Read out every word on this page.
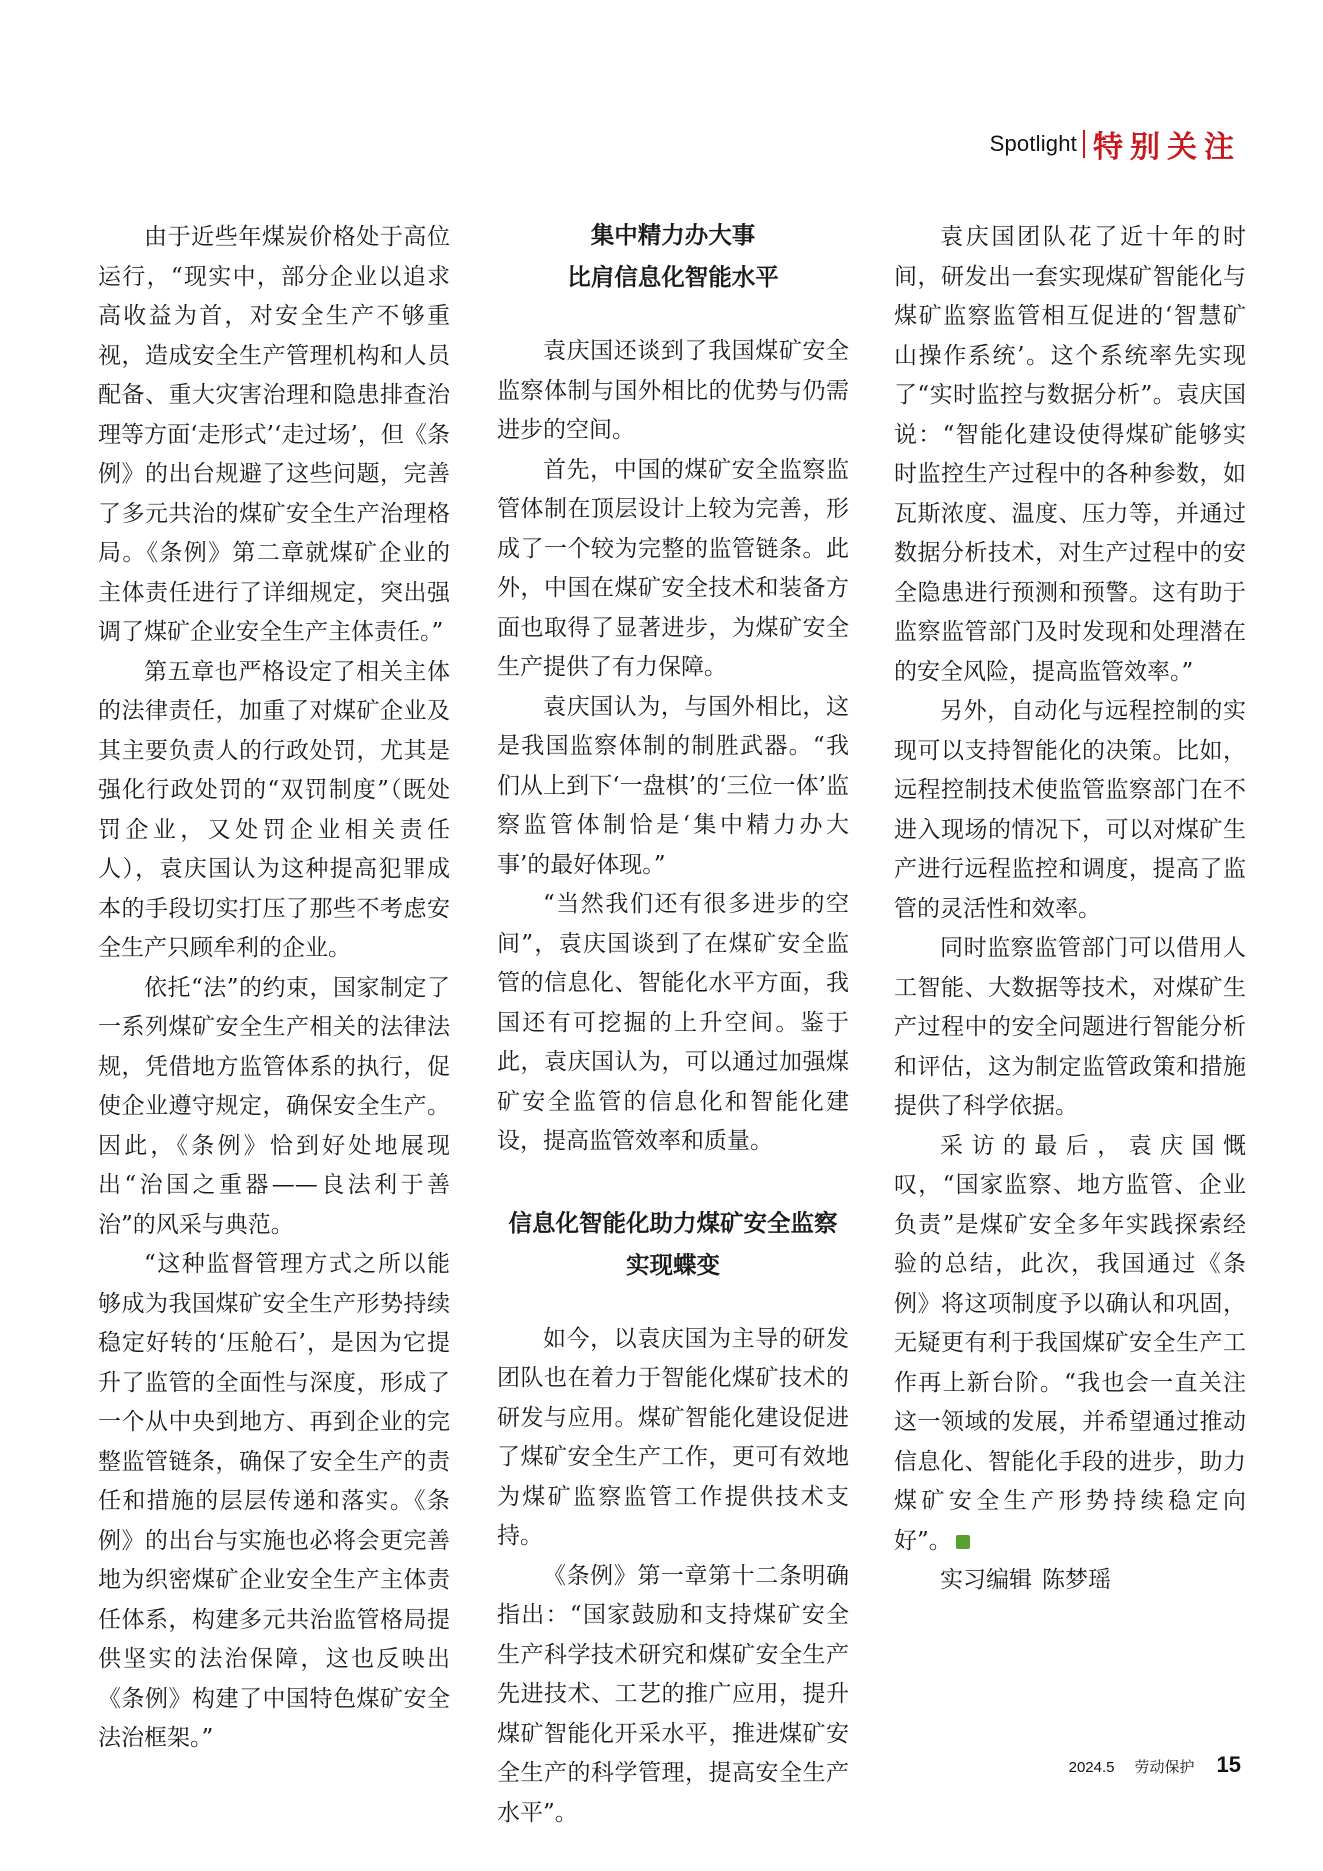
Spotlight 特别关注

由于近些年煤炭价格处于高位运行，“现实中，部分企业以追求高收益为首，对安全生产不够重视，造成安全生产管理机构和人员配备、重大灾害治理和隐患排查治理等方面‘走形式’‘走过场’，但《条例》的出台规避了这些问题，完善了多元共治的煤矿安全生产治理格局。《条例》第二章就煤矿企业的主体责任进行了详细规定，突出强调了煤矿企业安全生产主体责任。”

第五章也严格设定了相关主体的法律责任，加重了对煤矿企业及其主要负责人的行政处罚，尤其是强化行政处罚的“双罚制度”（既处罚企业，又处罚企业相关责任人），袁庆国认为这种提高犯罪成本的手段切实打压了那些不考虑安全生产只顾牟利的企业。

依托“法”的约束，国家制定了一系列煤矿安全生产相关的法律法规，凭借地方监管体系的执行，促使企业遵守规定，确保安全生产。因此，《条例》恰到好处地展现出“治国之重器——良法利于善治”的风采与典范。

“这种监督管理方式之所以能够成为我国煤矿安全生产形势持续稳定好转的‘压舱石’，是因为它提升了监管的全面性与深度，形成了一个从中央到地方、再到企业的完整监管链条，确保了安全生产的责任和措施的层层传递和落实。《条例》的出台与实施也必将会更完善地为织密煤矿企业安全生产主体责任体系，构建多元共治监管格局提供坚实的法治保障，这也反映出《条例》构建了中国特色煤矿安全法治框架。”

集中精力办大事
比肩信息化智能水平

袁庆国还谈到了我国煤矿安全监察体制与国外相比的优势与仍需进步的空间。

首先，中国的煤矿安全监察监管体制在顶层设计上较为完善，形成了一个较为完整的监管链条。此外，中国在煤矿安全技术和装备方面也取得了显著进步，为煤矿安全生产提供了有力保障。

袁庆国认为，与国外相比，这是我国监察体制的制胜武器。“我们从上到下‘一盘棋’的‘三位一体’监察监管体制恰是‘集中精力办大事’的最好体现。”

“当然我们还有很多进步的空间”，袁庆国谈到了在煤矿安全监管的信息化、智能化水平方面，我国还有可挖掘的上升空间。鉴于此，袁庆国认为，可以通过加强煤矿安全监管的信息化和智能化建设，提高监管效率和质量。

信息化智能化助力煤矿安全监察
实现蝶变

如今，以袁庆国为主导的研发团队也在着力于智能化煤矿技术的研发与应用。煤矿智能化建设促进了煤矿安全生产工作，更可有效地为煤矿监察监管工作提供技术支持。

《条例》第一章第十二条明确指出：“国家鼓励和支持煤矿安全生产科学技术研究和煤矿安全生产先进技术、工艺的推广应用，提升煤矿智能化开采水平，推进煤矿安全生产的科学管理，提高安全生产水平”。

袁庆国团队花了近十年的时间，研发出一套实现煤矿智能化与煤矿监察监管相互促进的‘智慧矿山操作系统’。这个系统率先实现了“实时监控与数据分析”。袁庆国说：“智能化建设使得煤矿能够实时监控生产过程中的各种参数，如瓦斯浓度、温度、压力等，并通过数据分析技术，对生产过程中的安全隐患进行预测和预警。这有助于监察监管部门及时发现和处理潜在的安全风险，提高监管效率。”

另外，自动化与远程控制的实现可以支持智能化的决策。比如，远程控制技术使监管监察部门在不进入现场的情况下，可以对煤矿生产进行远程监控和调度，提高了监管的灵活性和效率。

同时监察监管部门可以借用人工智能、大数据等技术，对煤矿生产过程中的安全问题进行智能分析和评估，这为制定监管政策和措施提供了科学依据。

采访的最后，袁庆国慨叹，“国家监察、地方监管、企业负责”是煤矿安全多年实践探索经验的总结，此次，我国通过《条例》将这项制度予以确认和巩固，无疑更有利于我国煤矿安全生产工作再上新台阶。“我也会一直关注这一领域的发展，并希望通过推动信息化、智能化手段的进步，助力煤矿安全生产形势持续稳定向好”。	优

实习编辑 陈梦瑶

2024.5 劳动保护 15
